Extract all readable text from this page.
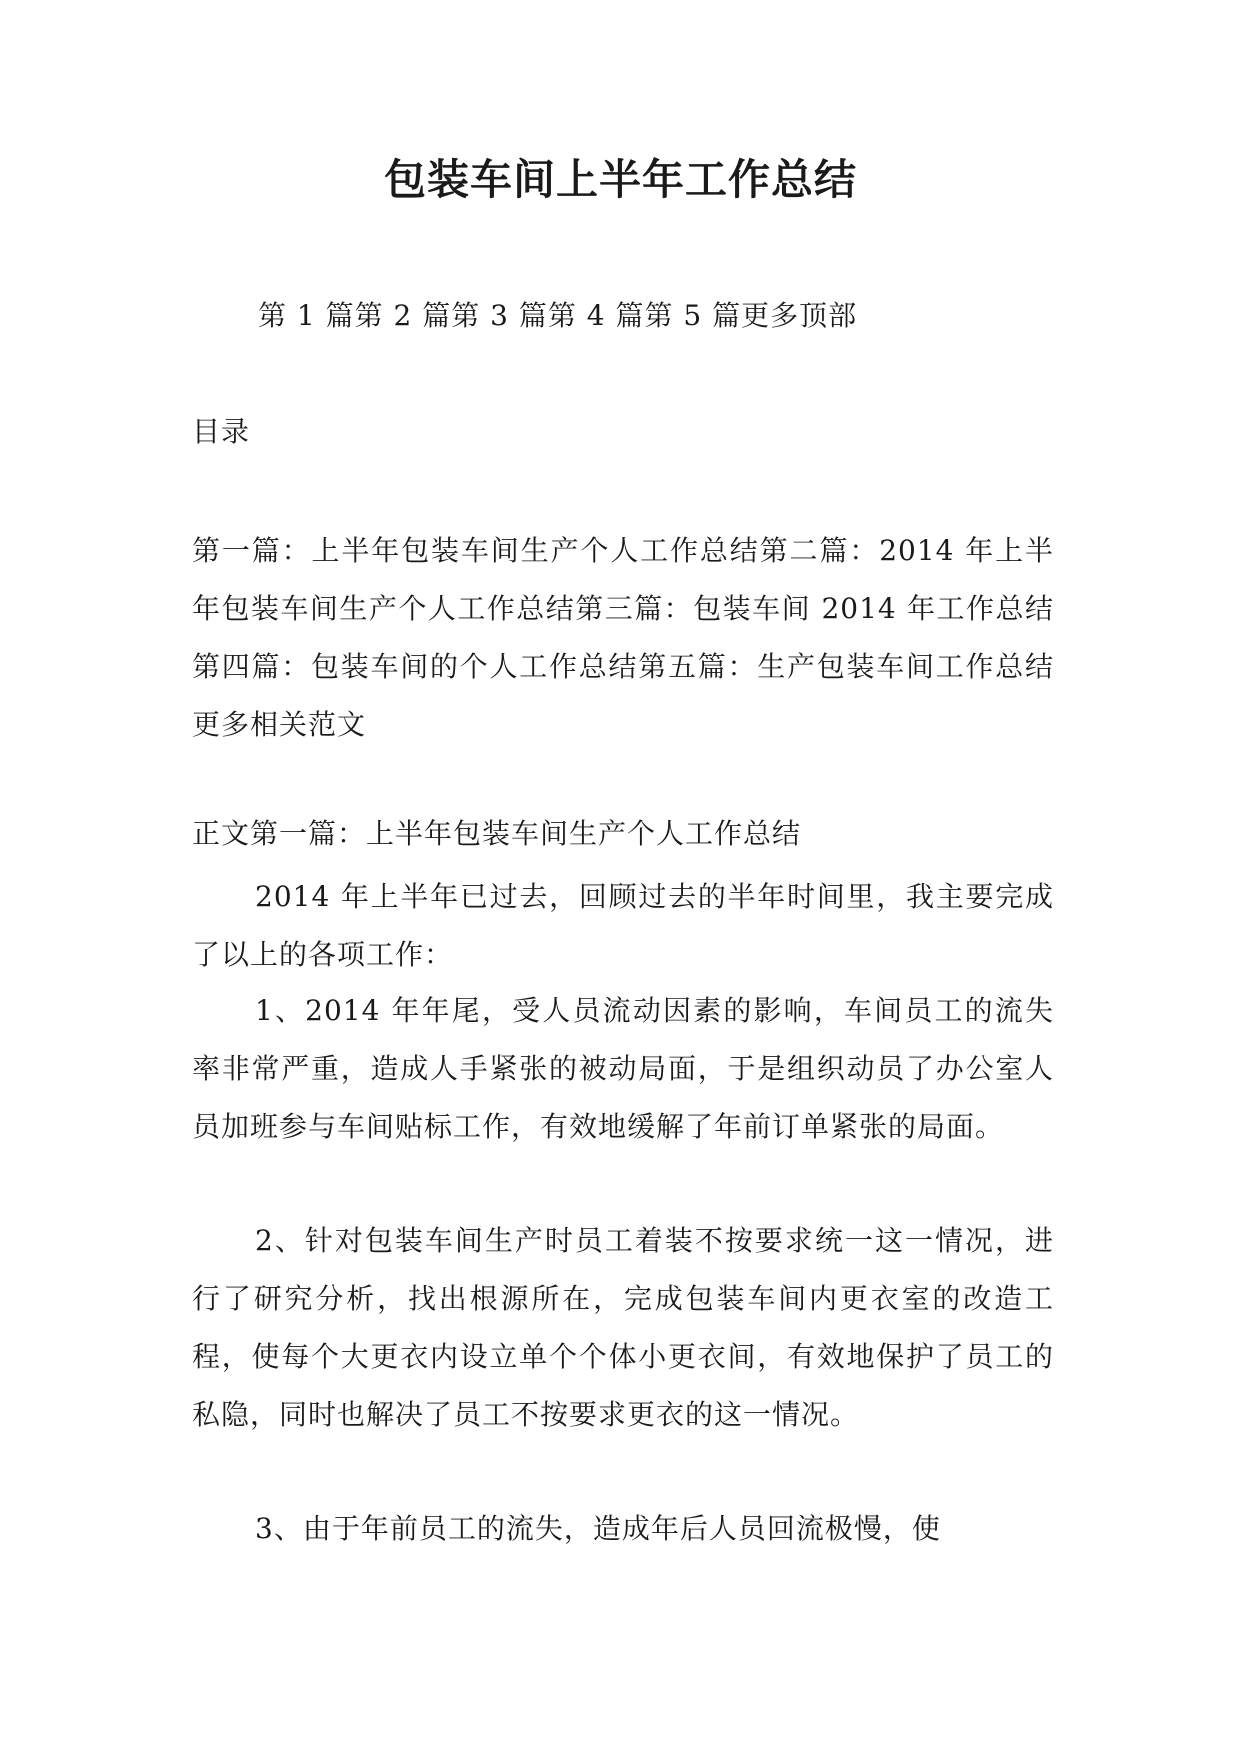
包装车间上半年工作总结
第 1 篇第 2 篇第 3 篇第 4 篇第 5 篇更多顶部
目录

第一篇：上半年包装车间生产个人工作总结第二篇：2014 年上半年包装车间生产个人工作总结第三篇：包装车间 2014 年工作总结第四篇：包装车间的个人工作总结第五篇：生产包装车间工作总结更多相关范文

正文第一篇：上半年包装车间生产个人工作总结

2014 年上半年已过去，回顾过去的半年时间里，我主要完成了以上的各项工作：

1、2014 年年尾，受人员流动因素的影响，车间员工的流失率非常严重，造成人手紧张的被动局面，于是组织动员了办公室人员加班参与车间贴标工作，有效地缓解了年前订单紧张的局面。

2、针对包装车间生产时员工着装不按要求统一这一情况，进行了研究分析，找出根源所在，完成包装车间内更衣室的改造工程，使每个大更衣内设立单个个体小更衣间，有效地保护了员工的私隐，同时也解决了员工不按要求更衣的这一情况。

3、由于年前员工的流失，造成年后人员回流极慢，使
